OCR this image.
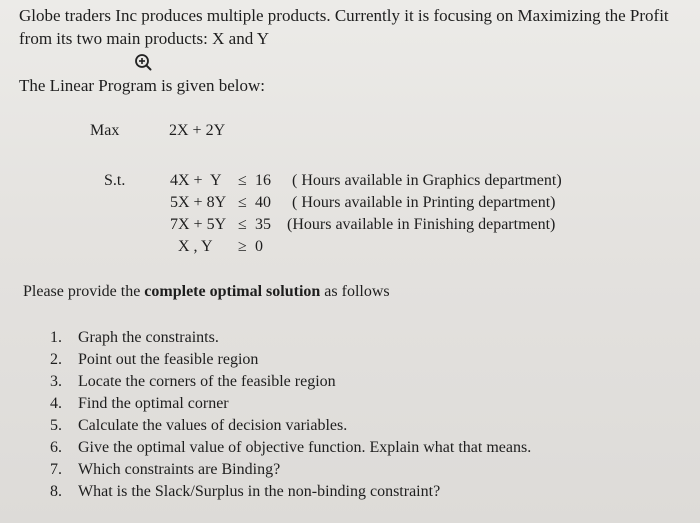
Globe traders Inc produces multiple products. Currently it is focusing on Maximizing the Profit from its two main products: X and Y

The Linear Program is given below:

Max	2X + 2Y
S.t.	4X +  Y ≤ 16 ( Hours available in Graphics department)
5X + 8Y ≤ 40 ( Hours available in Printing department)
7X + 5Y ≤ 35 (Hours available in Finishing department)
X , Y ≥ 0

Please provide the complete optimal solution as follows

1. Graph the constraints.
2. Point out the feasible region
3. Locate the corners of the feasible region
4. Find the optimal corner
5. Calculate the values of decision variables.
6. Give the optimal value of objective function. Explain what that means.
7. Which constraints are Binding?
8. What is the Slack/Surplus in the non-binding constraint?
